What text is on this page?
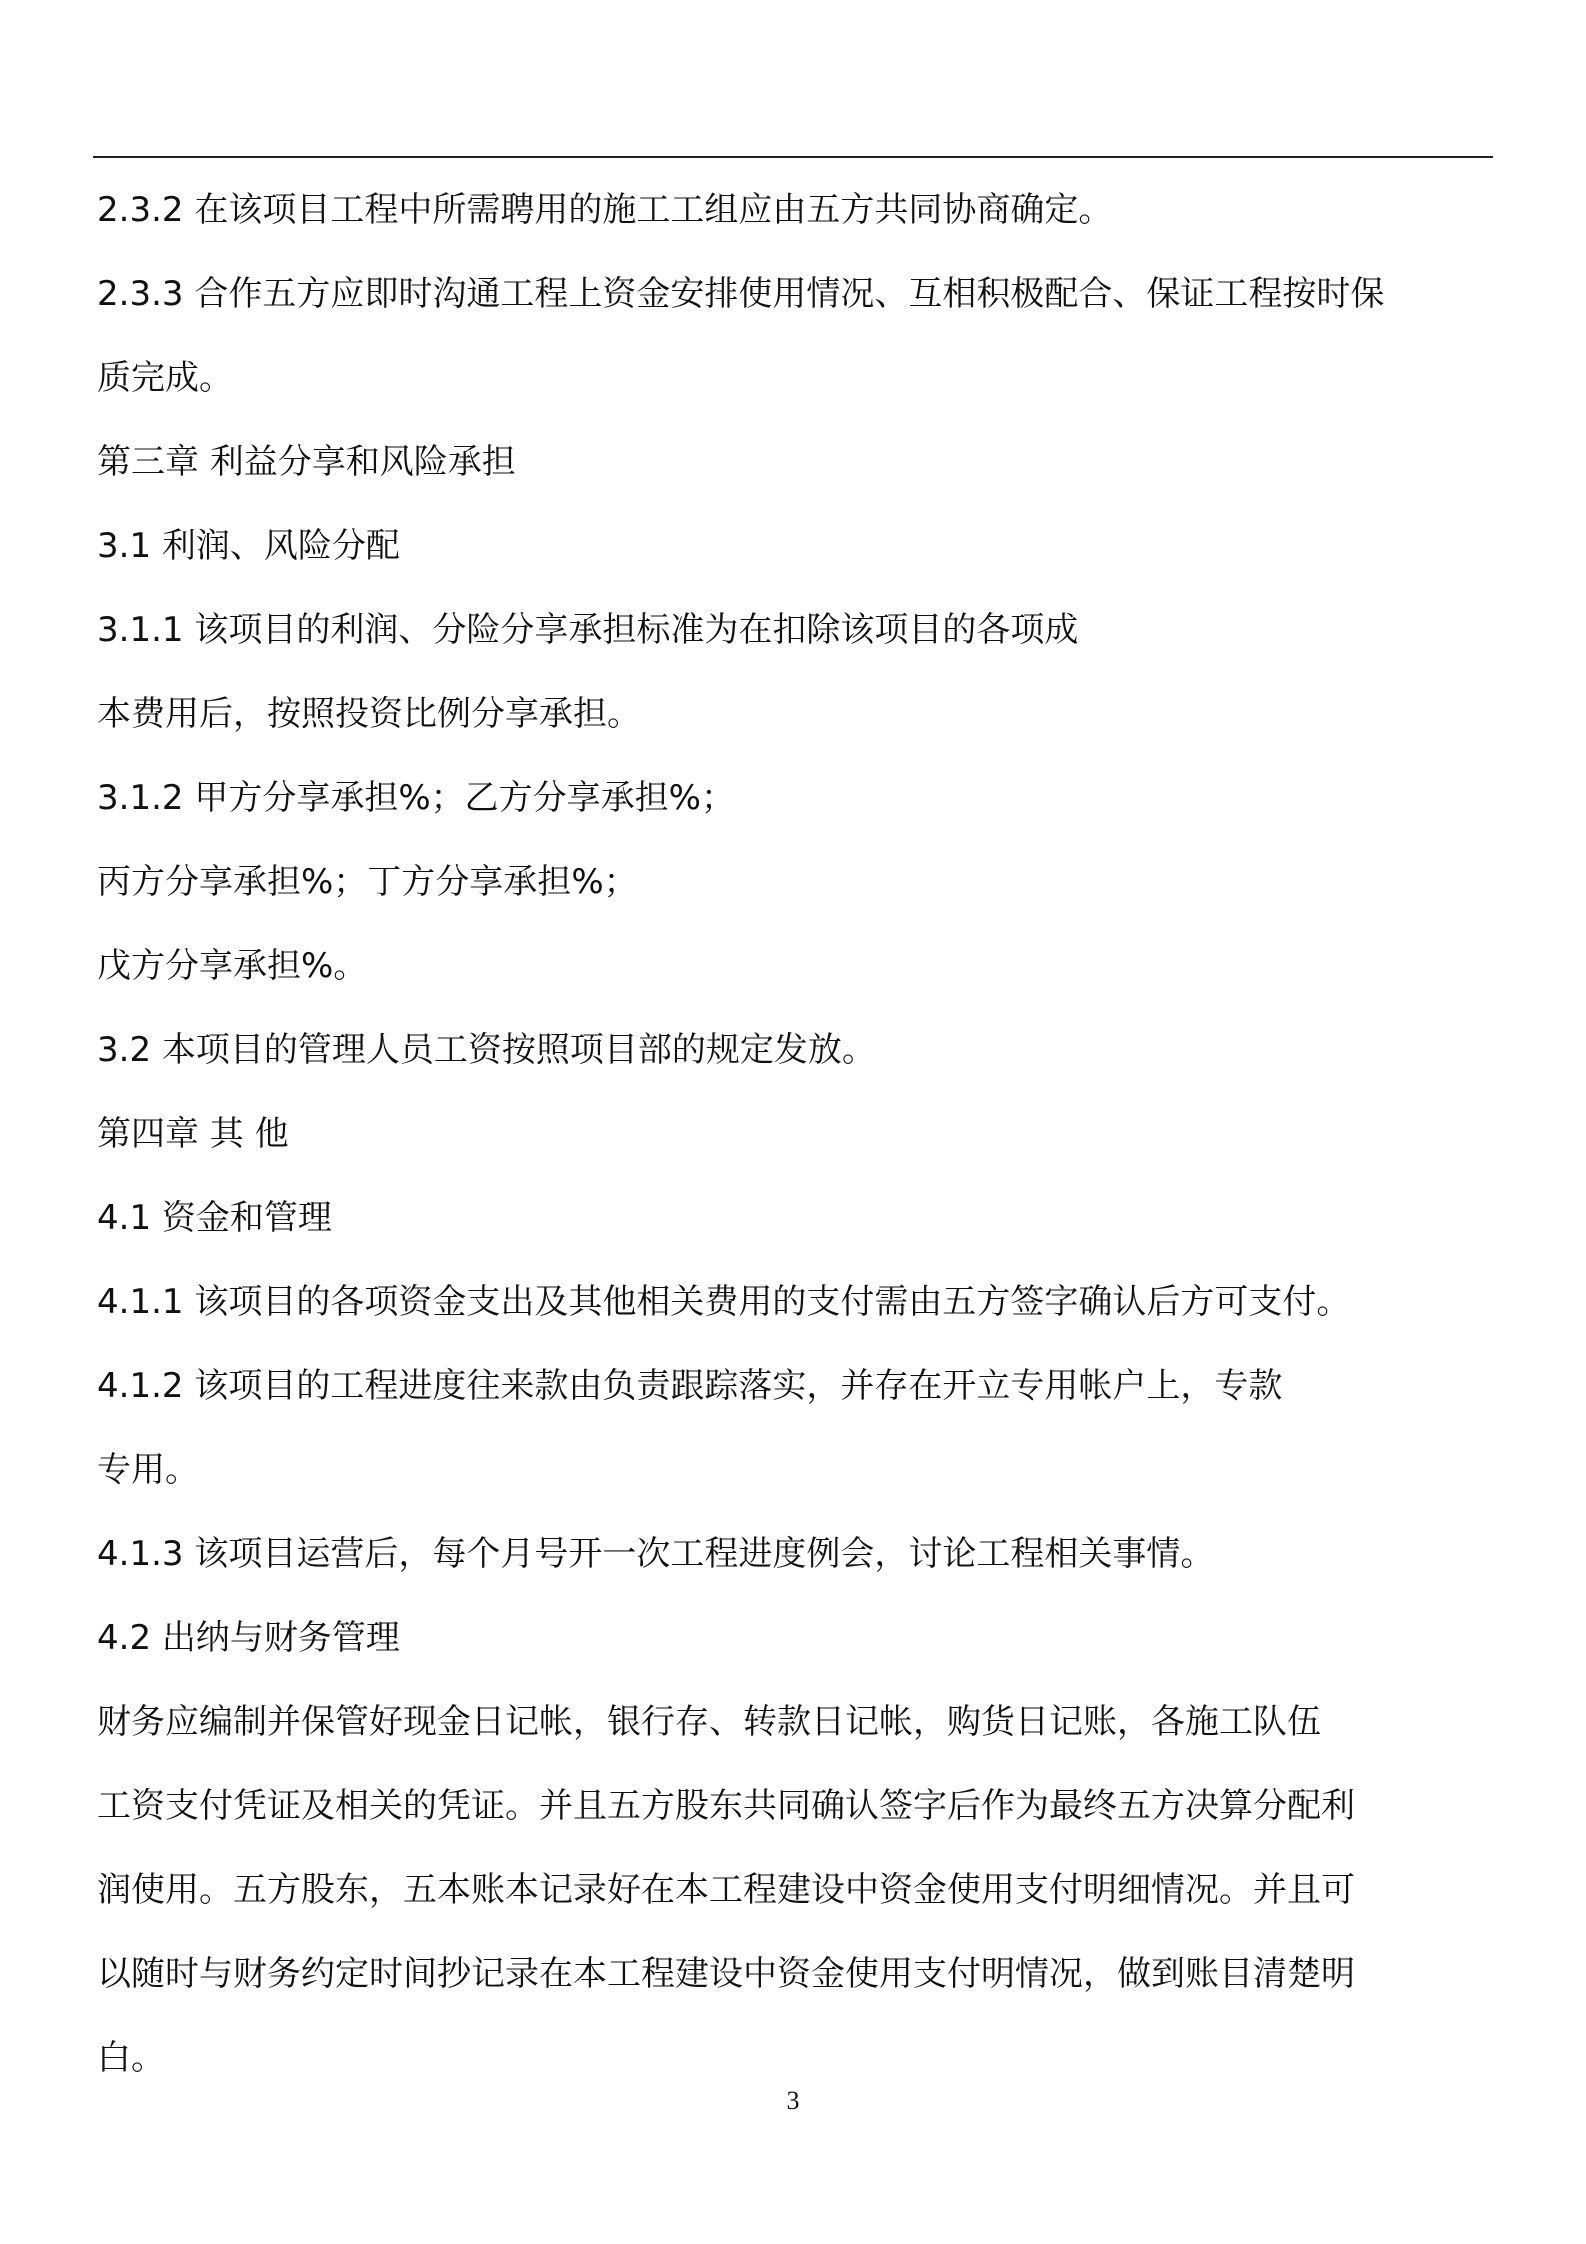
2.3.2 在该项目工程中所需聘用的施工工组应由五方共同协商确定。
2.3.3 合作五方应即时沟通工程上资金安排使用情况、互相积极配合、保证工程按时保
质完成。
第三章 利益分享和风险承担
3.1 利润、风险分配
3.1.1 该项目的利润、分险分享承担标准为在扣除该项目的各项成
本费用后，按照投资比例分享承担。
3.1.2 甲方分享承担%；乙方分享承担%；
丙方分享承担%；丁方分享承担%；
戊方分享承担%。
3.2 本项目的管理人员工资按照项目部的规定发放。
第四章 其 他
4.1 资金和管理
4.1.1 该项目的各项资金支出及其他相关费用的支付需由五方签字确认后方可支付。
4.1.2 该项目的工程进度往来款由负责跟踪落实，并存在开立专用帐户上，专款
专用。
4.1.3 该项目运营后，每个月号开一次工程进度例会，讨论工程相关事情。
4.2 出纳与财务管理
财务应编制并保管好现金日记帐，银行存、转款日记帐，购货日记账，各施工队伍
工资支付凭证及相关的凭证。并且五方股东共同确认签字后作为最终五方决算分配利
润使用。五方股东，五本账本记录好在本工程建设中资金使用支付明细情况。并且可
以随时与财务约定时间抄记录在本工程建设中资金使用支付明情况，做到账目清楚明
白。
3
